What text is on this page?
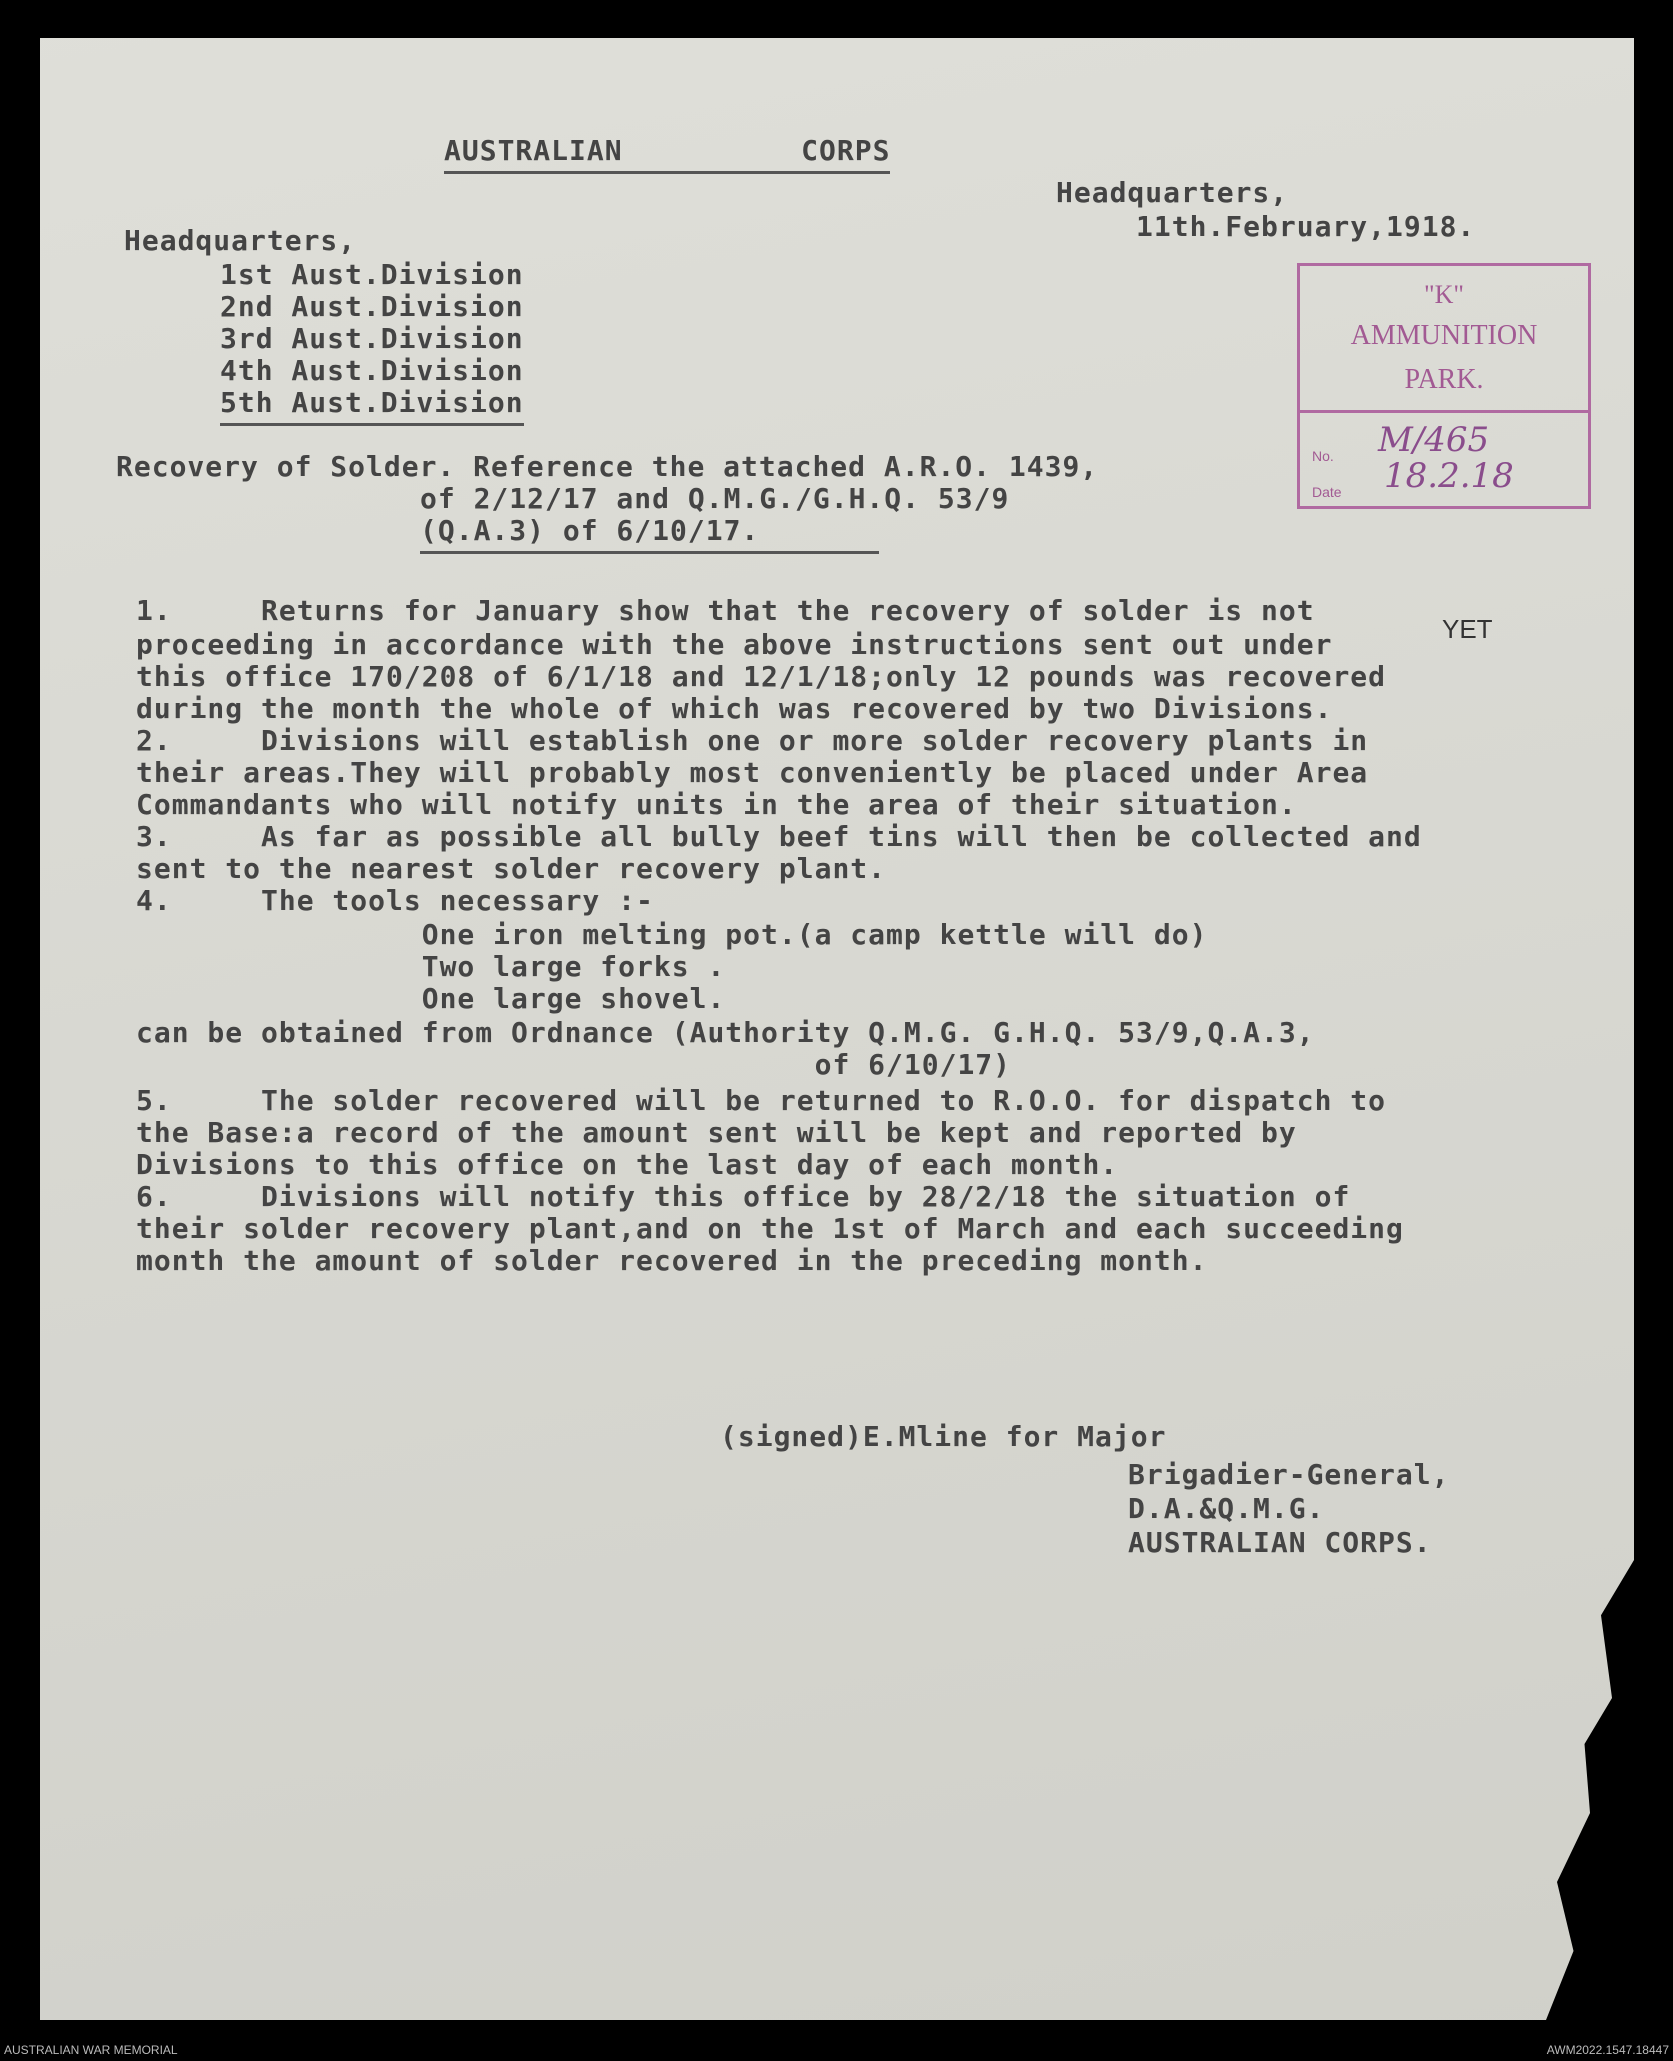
AUSTRALIAN          CORPS
Headquarters,
11th.February,1918.
Headquarters,
1st Aust.Division
2nd Aust.Division
3rd Aust.Division
4th Aust.Division
5th Aust.Division
"K"
AMMUNITION
PARK.
No. M/465
Date 18.2.18
Recovery of Solder. Reference the attached A.R.O. 1439,
of 2/12/17 and Q.M.G./G.H.Q. 53/9
(Q.A.3) of 6/10/17.
YET
1.     Returns for January show that the recovery of solder is not
proceeding in accordance with the above instructions sent out under
this office 170/208 of 6/1/18 and 12/1/18;only 12 pounds was recovered
during the month the whole of which was recovered by two Divisions.
2.     Divisions will establish one or more solder recovery plants in
their areas.They will probably most conveniently be placed under Area
Commandants who will notify units in the area of their situation.
3.     As far as possible all bully beef tins will then be collected and
sent to the nearest solder recovery plant.
4.     The tools necessary :-
One iron melting pot.(a camp kettle will do)
Two large forks .
One large shovel.
can be obtained from Ordnance (Authority Q.M.G. G.H.Q. 53/9,Q.A.3,
of 6/10/17)
5.     The solder recovered will be returned to R.O.O. for dispatch to
the Base:a record of the amount sent will be kept and reported by
Divisions to this office on the last day of each month.
6.     Divisions will notify this office by 28/2/18 the situation of
their solder recovery plant,and on the 1st of March and each succeeding
month the amount of solder recovered in the preceding month.
(signed)E.Mline for Major
Brigadier-General,
D.A.&Q.M.G.
AUSTRALIAN CORPS.
AUSTRALIAN WAR MEMORIAL	AWM2022.1547.18447
